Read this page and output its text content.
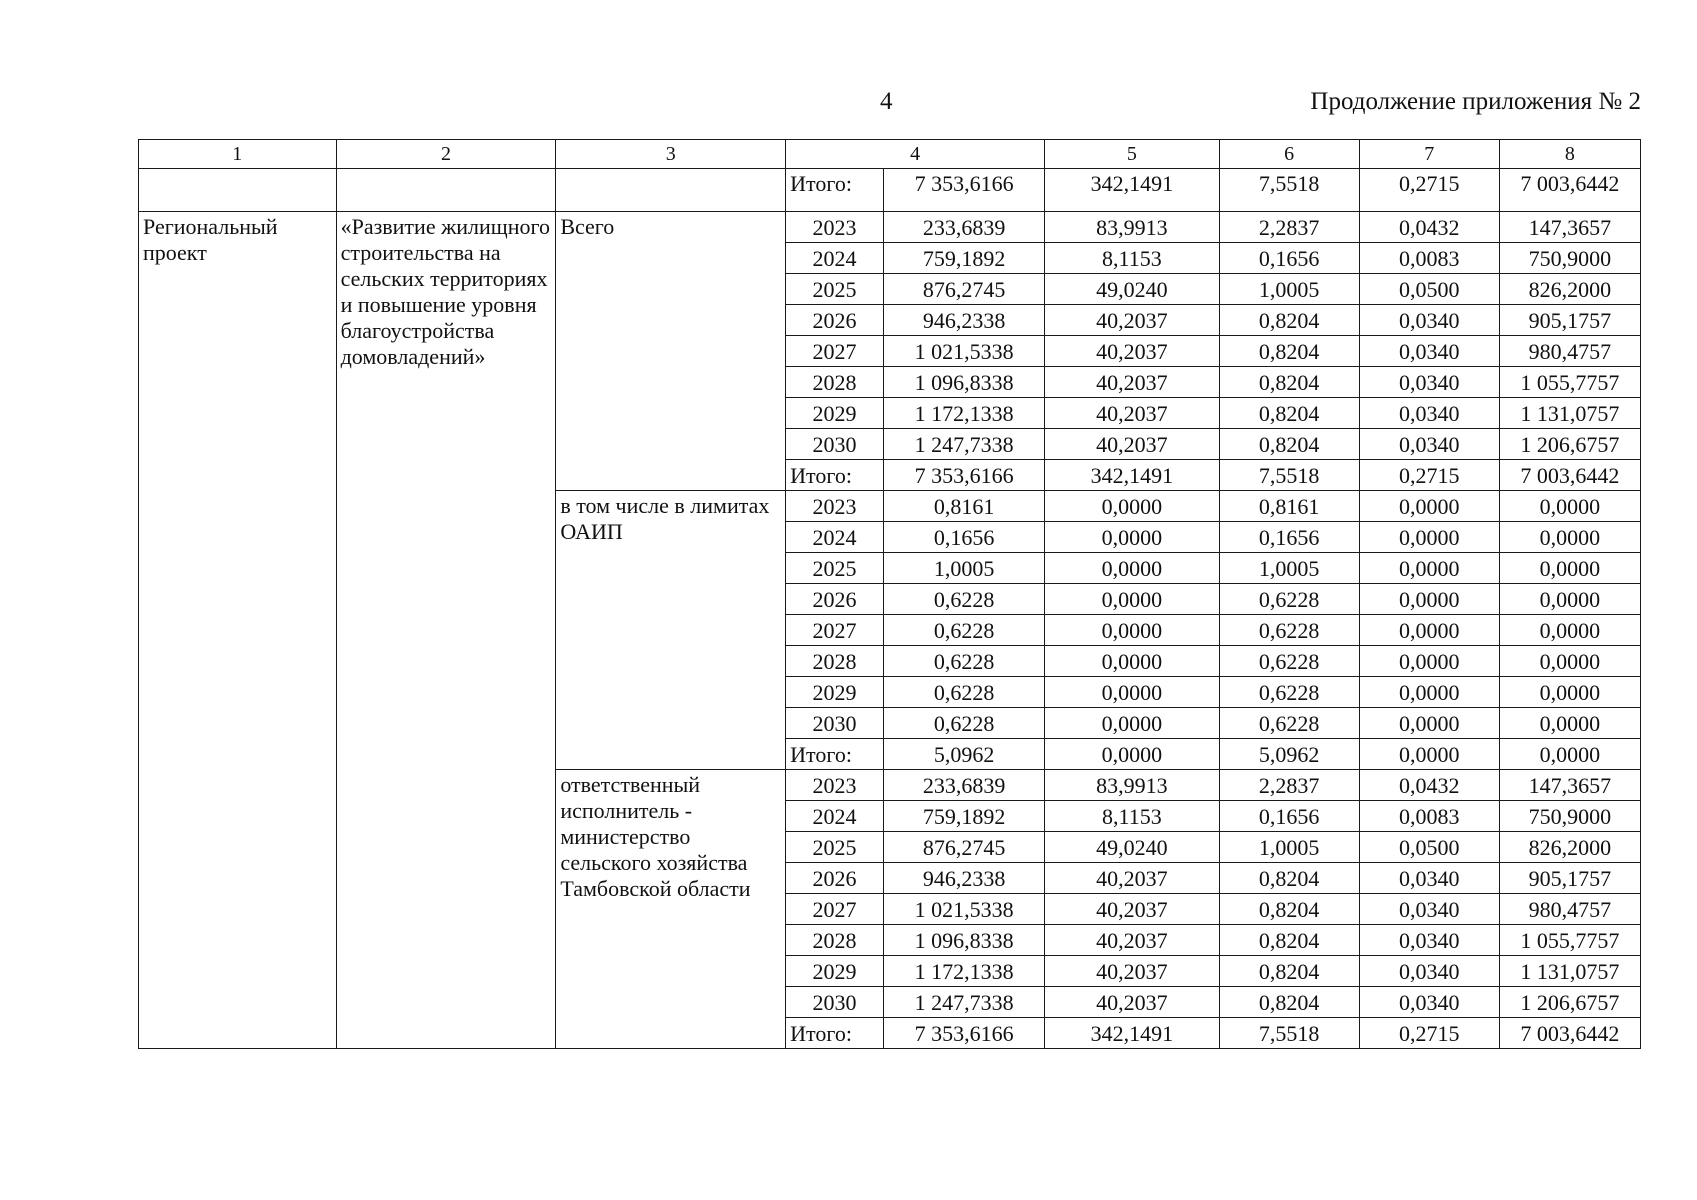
4	Продолжение приложения № 2
1	2	3	4		5	6	7	8
			Итого:	7 353,6166	342,1491	7,5518	0,2715	7 003,6442
Региональный проект	«Развитие жилищного строительства на сельских территориях и повышение уровня благоустройства домовладений»	Всего	2023	233,6839	83,9913	2,2837	0,0432	147,3657
			2024	759,1892	8,1153	0,1656	0,0083	750,9000
			2025	876,2745	49,0240	1,0005	0,0500	826,2000
			2026	946,2338	40,2037	0,8204	0,0340	905,1757
			2027	1 021,5338	40,2037	0,8204	0,0340	980,4757
			2028	1 096,8338	40,2037	0,8204	0,0340	1 055,7757
			2029	1 172,1338	40,2037	0,8204	0,0340	1 131,0757
			2030	1 247,7338	40,2037	0,8204	0,0340	1 206,6757
			Итого:	7 353,6166	342,1491	7,5518	0,2715	7 003,6442
		в том числе в лимитах ОАИП	2023	0,8161	0,0000	0,8161	0,0000	0,0000
			2024	0,1656	0,0000	0,1656	0,0000	0,0000
			2025	1,0005	0,0000	1,0005	0,0000	0,0000
			2026	0,6228	0,0000	0,6228	0,0000	0,0000
			2027	0,6228	0,0000	0,6228	0,0000	0,0000
			2028	0,6228	0,0000	0,6228	0,0000	0,0000
			2029	0,6228	0,0000	0,6228	0,0000	0,0000
			2030	0,6228	0,0000	0,6228	0,0000	0,0000
			Итого:	5,0962	0,0000	5,0962	0,0000	0,0000
		ответственный исполнитель - министерство сельского хозяйства Тамбовской области	2023	233,6839	83,9913	2,2837	0,0432	147,3657
			2024	759,1892	8,1153	0,1656	0,0083	750,9000
			2025	876,2745	49,0240	1,0005	0,0500	826,2000
			2026	946,2338	40,2037	0,8204	0,0340	905,1757
			2027	1 021,5338	40,2037	0,8204	0,0340	980,4757
			2028	1 096,8338	40,2037	0,8204	0,0340	1 055,7757
			2029	1 172,1338	40,2037	0,8204	0,0340	1 131,0757
			2030	1 247,7338	40,2037	0,8204	0,0340	1 206,6757
			Итого:	7 353,6166	342,1491	7,5518	0,2715	7 003,6442
